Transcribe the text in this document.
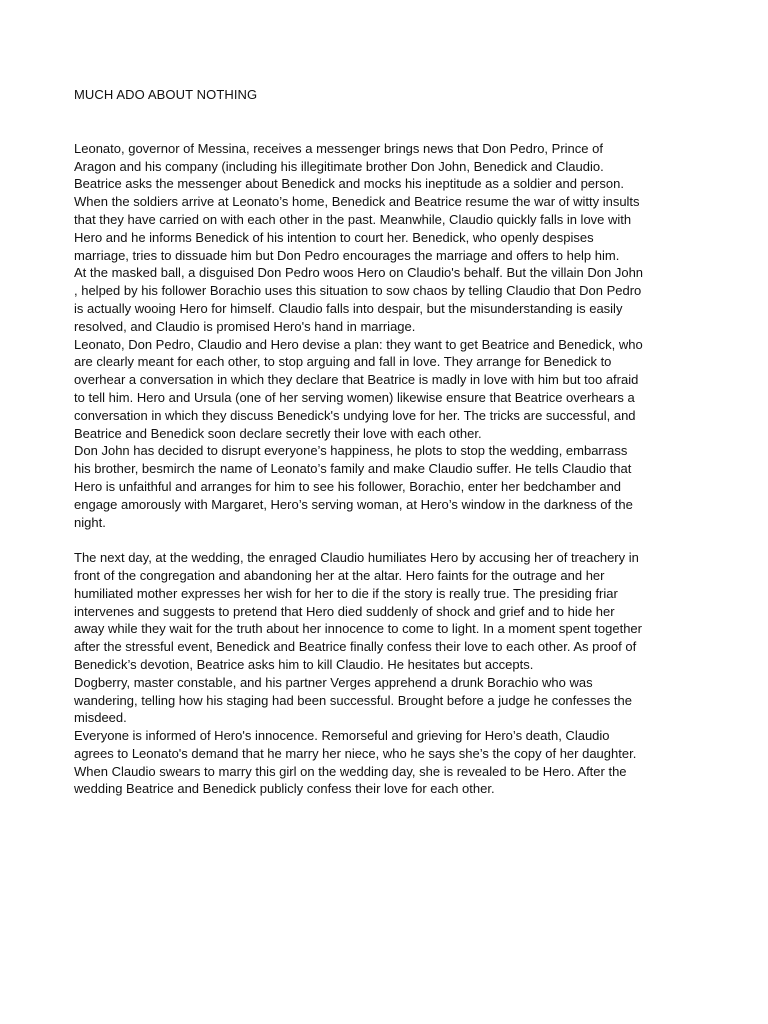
MUCH ADO ABOUT NOTHING

Leonato, governor of Messina, receives a messenger brings news that Don Pedro, Prince of Aragon and his company (including his illegitimate brother Don John, Benedick and Claudio. Beatrice asks the messenger about Benedick and mocks his ineptitude as a soldier and person.

When the soldiers arrive at Leonato’s home, Benedick and Beatrice resume the war of witty insults that they have carried on with each other in the past. Meanwhile, Claudio quickly falls in love with Hero and he informs Benedick of his intention to court her. Benedick, who openly despises marriage, tries to dissuade him but Don Pedro encourages the marriage and offers to help him.

At the masked ball, a disguised Don Pedro woos Hero on Claudio's behalf. But the villain Don John , helped by his follower Borachio uses this situation to sow chaos by telling Claudio that Don Pedro is actually wooing Hero for himself. Claudio falls into despair, but the misunderstanding is easily resolved, and Claudio is promised Hero's hand in marriage.

Leonato, Don Pedro, Claudio and Hero devise a plan: they want to get Beatrice and Benedick, who are clearly meant for each other, to stop arguing and fall in love. They arrange for Benedick to overhear a conversation in which they declare that Beatrice is madly in love with him but too afraid to tell him. Hero and Ursula (one of her serving women) likewise ensure that Beatrice overhears a conversation in which they discuss Benedick's undying love for her. The tricks are successful, and Beatrice and Benedick soon declare secretly their love with each other.

Don John has decided to disrupt everyone’s happiness, he plots to stop the wedding, embarrass his brother, besmirch the name of Leonato’s family and make Claudio suffer. He tells Claudio that Hero is unfaithful and arranges for him to see his follower, Borachio, enter her bedchamber and engage amorously with Margaret, Hero’s serving woman, at Hero’s window in the darkness of the night.

The next day, at the wedding, the enraged Claudio humiliates Hero by accusing her of treachery in front of the congregation and abandoning her at the altar. Hero faints for the outrage and her humiliated mother expresses her wish for her to die if the story is really true. The presiding friar intervenes and suggests to pretend that Hero died suddenly of shock and grief and to hide her away while they wait for the truth about her innocence to come to light. In a moment spent together after the stressful event, Benedick and Beatrice finally confess their love to each other. As proof of Benedick’s devotion, Beatrice asks him to kill Claudio. He hesitates but accepts.

Dogberry, master constable, and his partner Verges apprehend a drunk Borachio who was wandering, telling how his staging had been successful. Brought before a judge he confesses the misdeed.

Everyone is informed of Hero's innocence. Remorseful and grieving for Hero’s death, Claudio agrees to Leonato's demand that he marry her niece, who he says she’s the copy of her daughter. When Claudio swears to marry this girl on the wedding day, she is revealed to be Hero. After the wedding Beatrice and Benedick publicly confess their love for each other.
